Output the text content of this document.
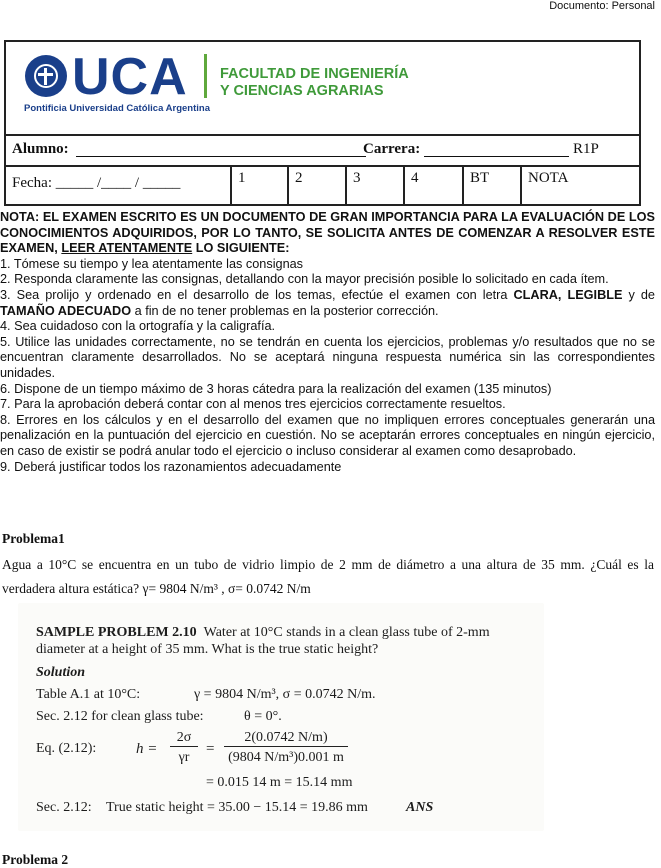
Documento: Personal
UCA
Pontificia Universidad Católica Argentina
FACULTAD DE INGENIERÍA
Y CIENCIAS AGRARIAS
Alumno:	Carrera:	R1P
Fecha: _____ /____ / _____	1	2	3	4	BT	NOTA

NOTA: EL EXAMEN ESCRITO ES UN DOCUMENTO DE GRAN IMPORTANCIA PARA LA EVALUACIÓN DE LOS CONOCIMIENTOS ADQUIRIDOS, POR LO TANTO, SE SOLICITA ANTES DE COMENZAR A RESOLVER ESTE EXAMEN, LEER ATENTAMENTE LO SIGUIENTE:

1. Tómese su tiempo y lea atentamente las consignas

2. Responda claramente las consignas, detallando con la mayor precisión posible lo solicitado en cada ítem.

3. Sea prolijo y ordenado en el desarrollo de los temas, efectúe el examen con letra CLARA, LEGIBLE y de TAMAÑO ADECUADO a fin de no tener problemas en la posterior corrección.

4. Sea cuidadoso con la ortografía y la caligrafía.

5. Utilice las unidades correctamente, no se tendrán en cuenta los ejercicios, problemas y/o resultados que no se encuentran claramente desarrollados. No se aceptará ninguna respuesta numérica sin las correspondientes unidades.

6. Dispone de un tiempo máximo de 3 horas cátedra para la realización del examen (135 minutos)

7. Para la aprobación deberá contar con al menos tres ejercicios correctamente resueltos.

8. Errores en los cálculos y en el desarrollo del examen que no impliquen errores conceptuales generarán una penalización en la puntuación del ejercicio en cuestión. No se aceptarán errores conceptuales en ningún ejercicio, en caso de existir se podrá anular todo el ejercicio o incluso considerar al examen como desaprobado.

9. Deberá justificar todos los razonamientos adecuadamente

Problema1
Agua a 10°C se encuentra en un tubo de vidrio limpio de 2 mm de diámetro a una altura de 35 mm. ¿Cuál es la verdadera altura estática? γ= 9804 N/m³ , σ= 0.0742 N/m
SAMPLE PROBLEM 2.10 Water at 10°C stands in a clean glass tube of 2-mm
diameter at a height of 35 mm. What is the true static height?
Solution
Table A.1 at 10°C:	γ = 9804 N/m³, σ = 0.0742 N/m.
Sec. 2.12 for clean glass tube:	θ = 0°.
Eq. (2.12):	h =
2σ
γr
=
2(0.0742 N/m)
(9804 N/m³)0.001 m
= 0.015 14 m = 15.14 mm
Sec. 2.12: True static height = 35.00 − 15.14 = 19.86 mm	ANS
Problema 2
